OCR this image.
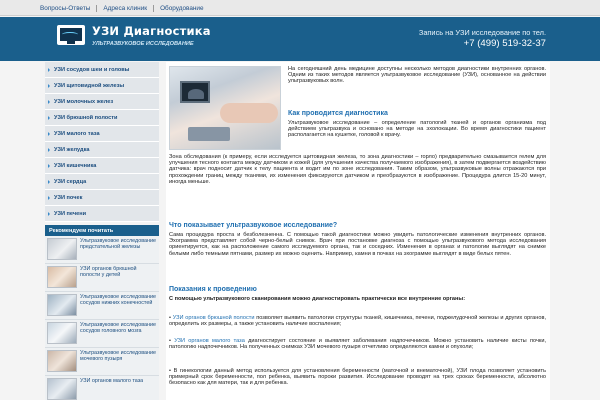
Вопросы-Ответы	Адреса клиник	Оборудование
УЗИ Диагностика
УЛЬТРАЗВУКОВОЕ ИССЛЕДОВАНИЕ
Запись на УЗИ исследование по тел.
+7 (499) 519-32-37
УЗИ сосудов шеи и головы
УЗИ щитовидной железы
УЗИ молочных желез
УЗИ брюшной полости
УЗИ малого таза
УЗИ желудка
УЗИ кишечника
УЗИ сердца
УЗИ почек
УЗИ печени
Рекомендуем почитать
Ультразвуковое исследование предстательной железы
УЗИ органов брюшной полости у детей
Ультразвуковое исследование сосудов нижних конечностей
Ультразвуковое исследование сосудов головного мозга
Ультразвуковое исследование мочевого пузыря
УЗИ органов малого таза

На сегодняшний день медицине доступны несколько методов диагностики внутренних органов. Одним из таких методов является ультразвуковое исследование (УЗИ), основанное на действии ультразвуковых волн.

Как проводится диагностика

Ультразвуковое исследование – определение патологий тканей и органов организма под действием ультразвука и основано на методе на эхолокации. Во время диагностики пациент располагается на кушетке, головой к врачу.

Зона обследования (к примеру, если исследуется щитовидная железа, то зона диагностики – горло) предварительно смазывается гелем для улучшения тесного контакта между датчиком и кожей (для улучшения качества получаемого изображения), в затем подвергается воздействию датчика: врач подносит датчик к телу пациента и водит им по зоне исследования. Таким образом, ультразвуковые волны отражаются при прохождении границ между тканями, их изменения фиксируются датчиком и преобразуются в изображение. Процедура длится 15-20 минут, иногда меньше.

Что показывает ультразвуковое исследование?

Сама процедура проста и безболезненна. С помощью такой диагностики можно увидеть патологические изменения внутренних органов. Эхограмма представляет собой черно-белый снимок. Врач при постановке диагноза с помощью ультразвукового метода исследования ориентируется, как на расположение самого исследуемого органа, так и соседних. Изменения в органах и патологии выглядят на снимке белыми либо темными пятнами, размер их можно оценить. Например, камни в почках на эхограмме выглядят в виде белых пятен.

Показания к проведению

С помощью ультразвукового сканирования можно диагностировать практически все внутренние органы:

• УЗИ органов брюшной полости позволяет выявить патологии структуры тканей, кишечника, печени, поджелудочной железы и других органов, определить их размеры, а также установить наличие воспаления;

• УЗИ органов малого таза диагностирует состояние и выявляет заболевания надпочечников. Можно установить наличие кисты почки, патологию надпочечников. На полученных снимках УЗИ мочевого пузыря отчетливо определяются камни и опухоли;

• В гинекологии данный метод используется для установления беременности (маточной и внематочной), УЗИ плода позволяет установить примерный срок беременности, пол ребенка, выявить пороки развития. Исследование проводят на трех сроках беременности, абсолютно безопасно как для матери, так и для ребенка.
